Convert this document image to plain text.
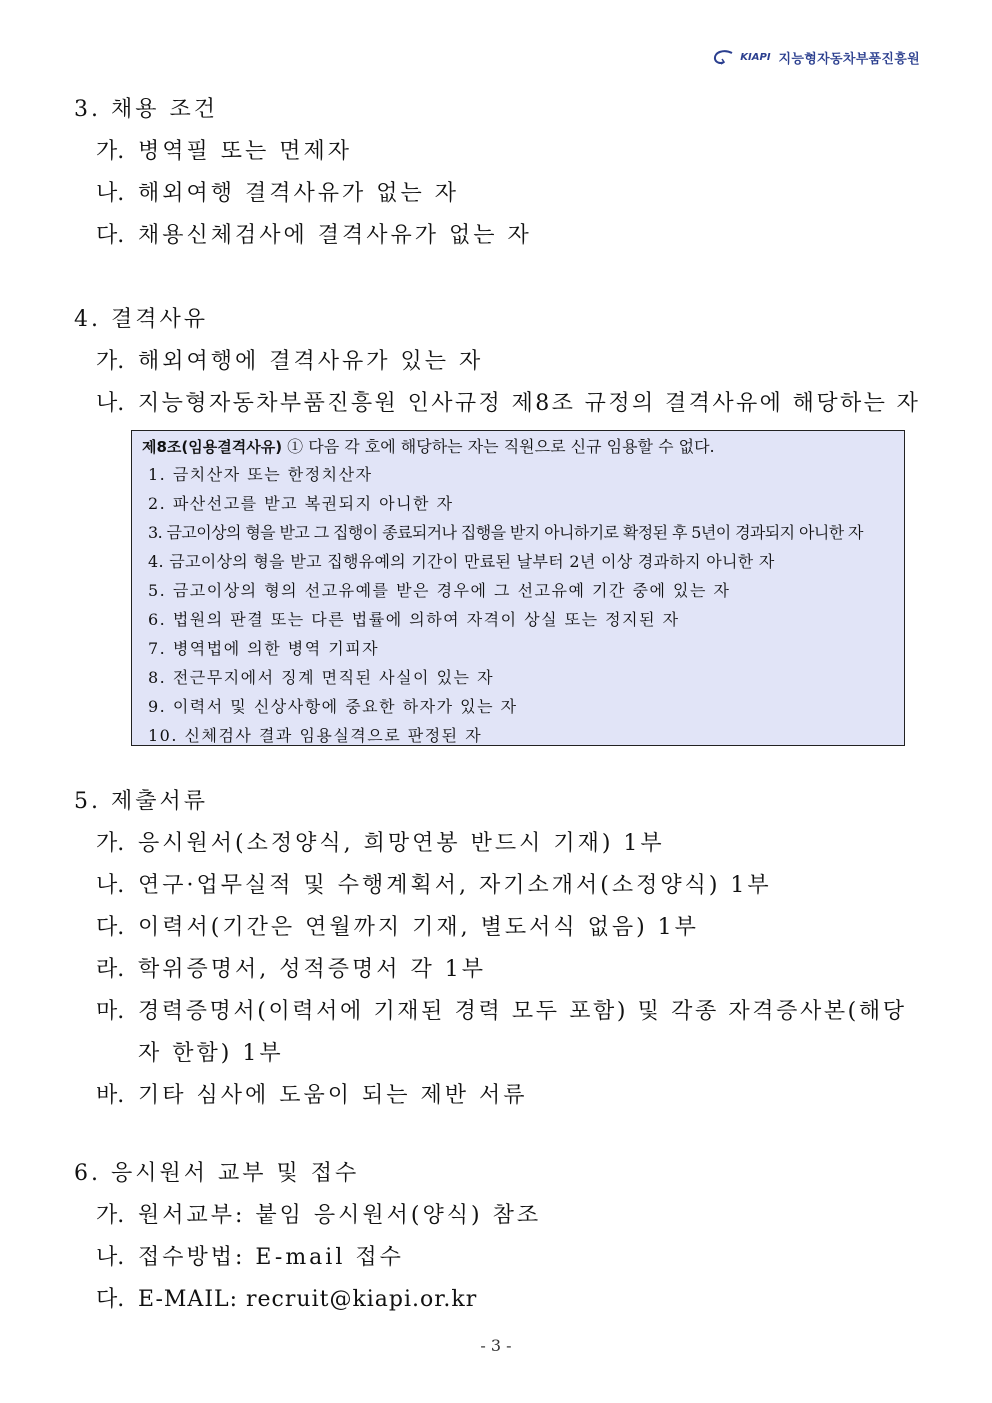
KIAPI 지능형자동차부품진흥원
3. 채용 조건
가. 병역필 또는 면제자
나. 해외여행 결격사유가 없는 자
다. 채용신체검사에 결격사유가 없는 자
4. 결격사유
가. 해외여행에 결격사유가 있는 자
나. 지능형자동차부품진흥원 인사규정 제8조 규정의 결격사유에 해당하는 자
제8조(임용결격사유) ① 다음 각 호에 해당하는 자는 직원으로 신규 임용할 수 없다.
1. 금치산자 또는 한정치산자
2. 파산선고를 받고 복권되지 아니한 자
3. 금고이상의 형을 받고 그 집행이 종료되거나 집행을 받지 아니하기로 확정된 후 5년이 경과되지 아니한 자
4. 금고이상의 형을 받고 집행유예의 기간이 만료된 날부터 2년 이상 경과하지 아니한 자
5. 금고이상의 형의 선고유예를 받은 경우에 그 선고유예 기간 중에 있는 자
6. 법원의 판결 또는 다른 법률에 의하여 자격이 상실 또는 정지된 자
7. 병역법에 의한 병역 기피자
8. 전근무지에서 징계 면직된 사실이 있는 자
9. 이력서 및 신상사항에 중요한 하자가 있는 자
10. 신체검사 결과 임용실격으로 판정된 자
5. 제출서류
가. 응시원서(소정양식, 희망연봉 반드시 기재) 1부
나. 연구·업무실적 및 수행계획서, 자기소개서(소정양식) 1부
다. 이력서(기간은 연월까지 기재, 별도서식 없음) 1부
라. 학위증명서, 성적증명서 각 1부
마. 경력증명서(이력서에 기재된 경력 모두 포함) 및 각종 자격증사본(해당
자 한함) 1부
바. 기타 심사에 도움이 되는 제반 서류
6. 응시원서 교부 및 접수
가. 원서교부: 붙임 응시원서(양식) 참조
나. 접수방법: E-mail 접수
다. E-MAIL: recruit@kiapi.or.kr
- 3 -
